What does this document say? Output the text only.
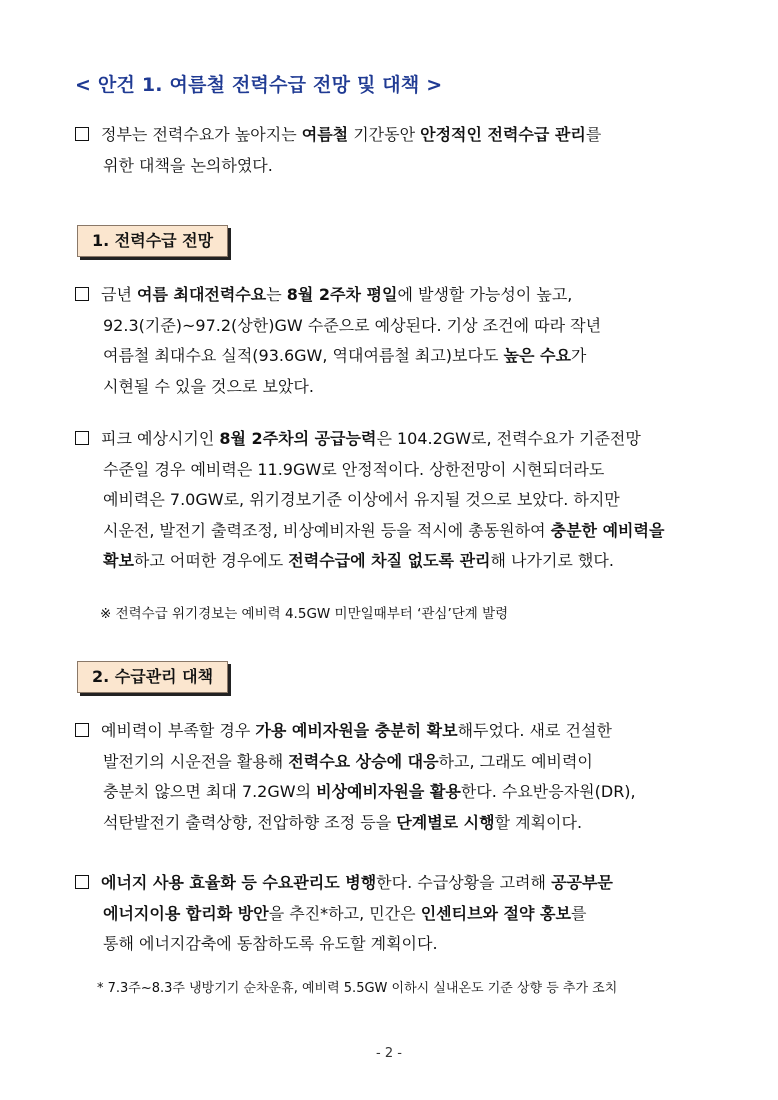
< 안건 1. 여름철 전력수급 전망 및 대책 >
정부는 전력수요가 높아지는 여름철 기간동안 안정적인 전력수급 관리를
위한 대책을 논의하였다.
1. 전력수급 전망
금년 여름 최대전력수요는 8월 2주차 평일에 발생할 가능성이 높고,
92.3(기준)~97.2(상한)GW 수준으로 예상된다. 기상 조건에 따라 작년
여름철 최대수요 실적(93.6GW, 역대여름철 최고)보다도 높은 수요가
시현될 수 있을 것으로 보았다.
피크 예상시기인 8월 2주차의 공급능력은 104.2GW로, 전력수요가 기준전망
수준일 경우 예비력은 11.9GW로 안정적이다. 상한전망이 시현되더라도
예비력은 7.0GW로, 위기경보기준 이상에서 유지될 것으로 보았다. 하지만
시운전, 발전기 출력조정, 비상예비자원 등을 적시에 총동원하여 충분한 예비력을
확보하고 어떠한 경우에도 전력수급에 차질 없도록 관리해 나가기로 했다.
※ 전력수급 위기경보는 예비력 4.5GW 미만일때부터 ‘관심’단계 발령
2. 수급관리 대책
예비력이 부족할 경우 가용 예비자원을 충분히 확보해두었다. 새로 건설한
발전기의 시운전을 활용해 전력수요 상승에 대응하고, 그래도 예비력이
충분치 않으면 최대 7.2GW의 비상예비자원을 활용한다. 수요반응자원(DR),
석탄발전기 출력상향, 전압하향 조정 등을 단계별로 시행할 계획이다.
에너지 사용 효율화 등 수요관리도 병행한다. 수급상황을 고려해 공공부문
에너지이용 합리화 방안을 추진*하고, 민간은 인센티브와 절약 홍보를
통해 에너지감축에 동참하도록 유도할 계획이다.
* 7.3주~8.3주 냉방기기 순차운휴, 예비력 5.5GW 이하시 실내온도 기준 상향 등 추가 조치
- 2 -
